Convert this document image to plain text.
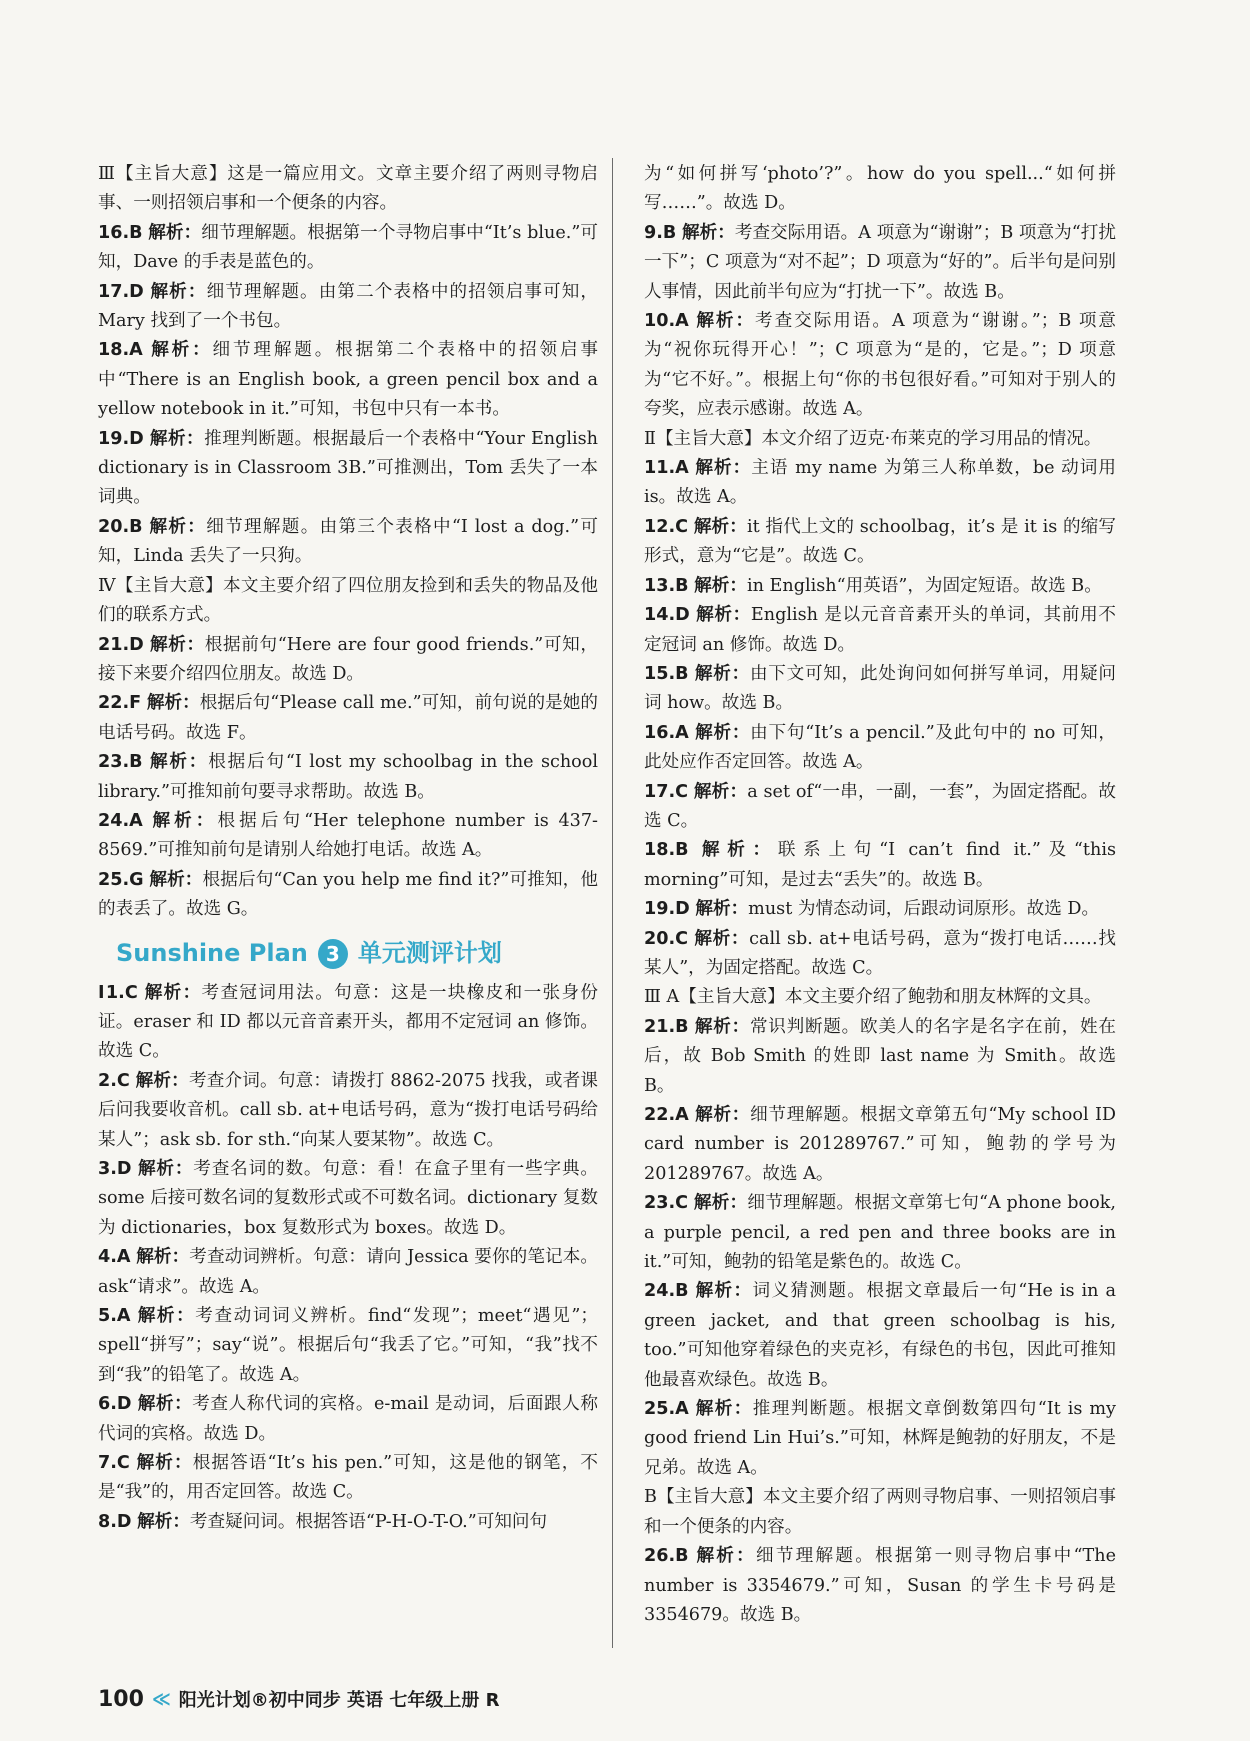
Ⅲ【主旨大意】这是一篇应用文。文章主要介绍了两则寻物启事、一则招领启事和一个便条的内容。

16.B 解析：细节理解题。根据第一个寻物启事中“It’s blue.”可知，Dave 的手表是蓝色的。

17.D 解析：细节理解题。由第二个表格中的招领启事可知，Mary 找到了一个书包。

18.A 解析：细节理解题。根据第二个表格中的招领启事中“There is an English book, a green pencil box and a yellow notebook in it.”可知，书包中只有一本书。

19.D 解析：推理判断题。根据最后一个表格中“Your English dictionary is in Classroom 3B.”可推测出，Tom 丢失了一本词典。

20.B 解析：细节理解题。由第三个表格中“I lost a dog.”可知，Linda 丢失了一只狗。

Ⅳ【主旨大意】本文主要介绍了四位朋友捡到和丢失的物品及他们的联系方式。

21.D 解析：根据前句“Here are four good friends.”可知，接下来要介绍四位朋友。故选 D。

22.F 解析：根据后句“Please call me.”可知，前句说的是她的电话号码。故选 F。

23.B 解析：根据后句“I lost my schoolbag in the school library.”可推知前句要寻求帮助。故选 B。

24.A 解析：根据后句“Her telephone number is 437-8569.”可推知前句是请别人给她打电话。故选 A。

25.G 解析：根据后句“Can you help me find it?”可推知，他的表丢了。故选 G。

Sunshine Plan 3 单元测评计划

Ⅰ1.C 解析：考查冠词用法。句意：这是一块橡皮和一张身份证。eraser 和 ID 都以元音音素开头，都用不定冠词 an 修饰。故选 C。

2.C 解析：考查介词。句意：请拨打 8862-2075 找我，或者课后问我要收音机。call sb. at+电话号码，意为“拨打电话号码给某人”；ask sb. for sth.“向某人要某物”。故选 C。

3.D 解析：考查名词的数。句意：看！在盒子里有一些字典。some 后接可数名词的复数形式或不可数名词。dictionary 复数为 dictionaries，box 复数形式为 boxes。故选 D。

4.A 解析：考查动词辨析。句意：请向 Jessica 要你的笔记本。ask“请求”。故选 A。

5.A 解析：考查动词词义辨析。find“发现”；meet“遇见”；spell“拼写”；say“说”。根据后句“我丢了它。”可知，“我”找不到“我”的铅笔了。故选 A。

6.D 解析：考查人称代词的宾格。e-mail 是动词，后面跟人称代词的宾格。故选 D。

7.C 解析：根据答语“It’s his pen.”可知，这是他的钢笔，不是“我”的，用否定回答。故选 C。

8.D 解析：考查疑问词。根据答语“P-H-O-T-O.”可知问句

为“如何拼写‘photo’?”。how do you spell...“如何拼写……”。故选 D。

9.B 解析：考查交际用语。A 项意为“谢谢”；B 项意为“打扰一下”；C 项意为“对不起”；D 项意为“好的”。后半句是问别人事情，因此前半句应为“打扰一下”。故选 B。

10.A 解析：考查交际用语。A 项意为“谢谢。”；B 项意为“祝你玩得开心！”；C 项意为“是的，它是。”；D 项意为“它不好。”。根据上句“你的书包很好看。”可知对于别人的夸奖，应表示感谢。故选 A。

Ⅱ【主旨大意】本文介绍了迈克·布莱克的学习用品的情况。

11.A 解析：主语 my name 为第三人称单数，be 动词用 is。故选 A。

12.C 解析：it 指代上文的 schoolbag，it’s 是 it is 的缩写形式，意为“它是”。故选 C。

13.B 解析：in English“用英语”，为固定短语。故选 B。

14.D 解析：English 是以元音音素开头的单词，其前用不定冠词 an 修饰。故选 D。

15.B 解析：由下文可知，此处询问如何拼写单词，用疑问词 how。故选 B。

16.A 解析：由下句“It’s a pencil.”及此句中的 no 可知，此处应作否定回答。故选 A。

17.C 解析：a set of“一串，一副，一套”，为固定搭配。故选 C。

18.B 解析：联系上句“I can’t find it.”及“this morning”可知，是过去“丢失”的。故选 B。

19.D 解析：must 为情态动词，后跟动词原形。故选 D。

20.C 解析：call sb. at+电话号码，意为“拨打电话……找某人”，为固定搭配。故选 C。

Ⅲ A【主旨大意】本文主要介绍了鲍勃和朋友林辉的文具。

21.B 解析：常识判断题。欧美人的名字是名字在前，姓在后，故 Bob Smith 的姓即 last name 为 Smith。故选 B。

22.A 解析：细节理解题。根据文章第五句“My school ID card number is 201289767.”可知，鲍勃的学号为 201289767。故选 A。

23.C 解析：细节理解题。根据文章第七句“A phone book, a purple pencil, a red pen and three books are in it.”可知，鲍勃的铅笔是紫色的。故选 C。

24.B 解析：词义猜测题。根据文章最后一句“He is in a green jacket, and that green schoolbag is his, too.”可知他穿着绿色的夹克衫，有绿色的书包，因此可推知他最喜欢绿色。故选 B。

25.A 解析：推理判断题。根据文章倒数第四句“It is my good friend Lin Hui’s.”可知，林辉是鲍勃的好朋友，不是兄弟。故选 A。

B【主旨大意】本文主要介绍了两则寻物启事、一则招领启事和一个便条的内容。

26.B 解析：细节理解题。根据第一则寻物启事中“The number is 3354679.”可知，Susan 的学生卡号码是 3354679。故选 B。

100 ≪ 阳光计划®初中同步 英语 七年级上册 R
